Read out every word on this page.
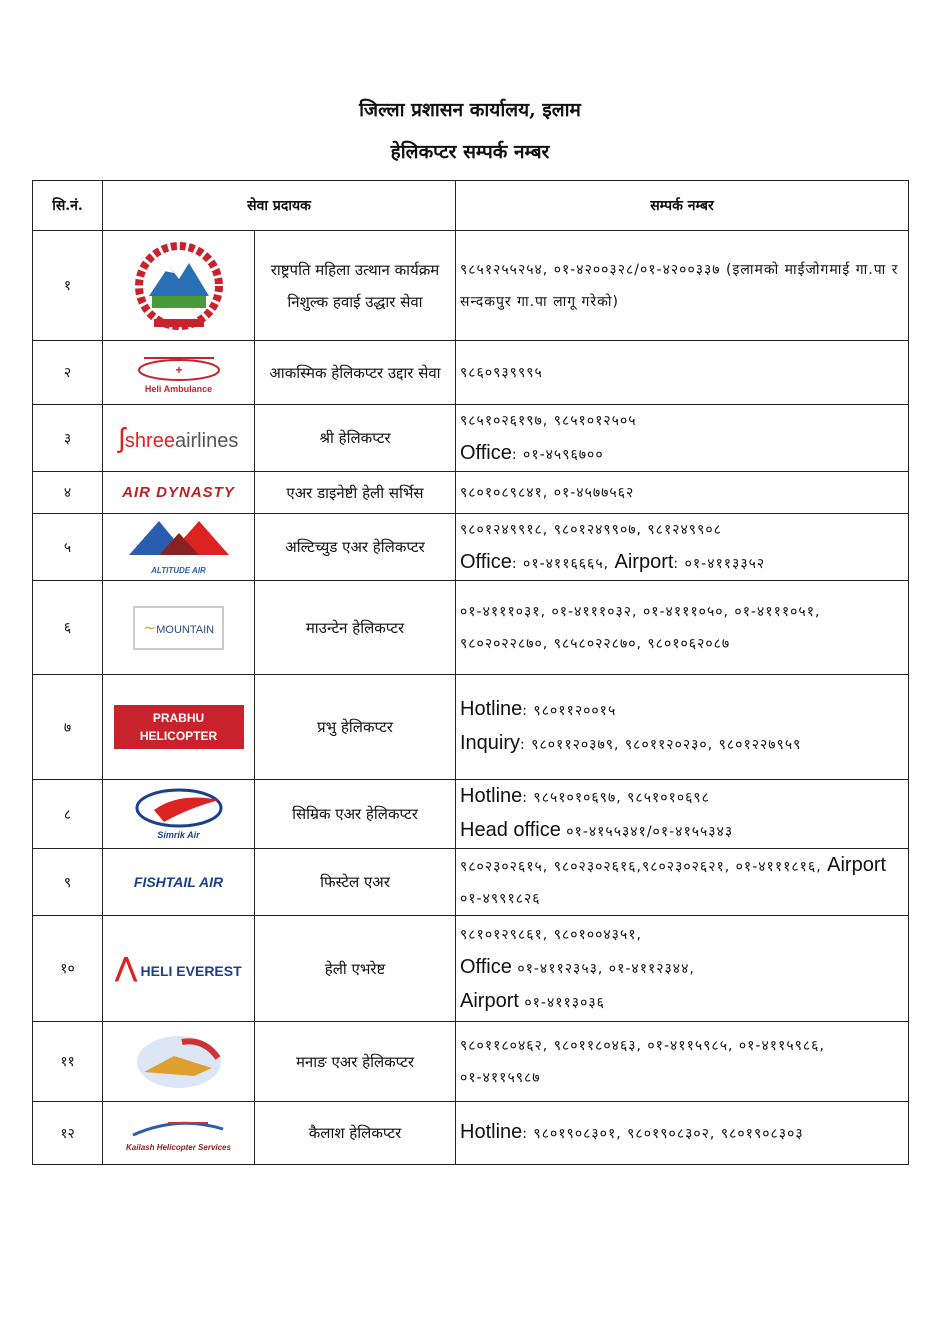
जिल्ला प्रशासन कार्यालय, इलाम
हेलिकप्टर सम्पर्क नम्बर
सि.नं.	सेवा प्रदायक		सम्पर्क नम्बर
१		राष्ट्रपति महिला उत्थान कार्यक्रम निशुल्क हवाई उद्धार सेवा	९८५१२५५२५४, ०१-४२००३२८/०१-४२००३३७ (इलामको माईजोगमाई गा.पा र सन्दकपुर गा.पा लागू गरेको)
२	+
Heli Ambulance	आकस्मिक हेलिकप्टर उद्दार सेवा	९८६०९३९९९५
३	ʃshreeairlines	श्री हेलिकप्टर	९८५१०२६१९७, ९८५१०१२५०५
Office: ०१-४५९६७००
४	AIR DYNASTY	एअर डाइनेष्टी हेली सर्भिस	९८०१०८९८४१, ०१-४५७७५६२
५	ALTITUDE AIR	अल्टिच्युड एअर हेलिकप्टर	९८०१२४९९१८, ९८०१२४९९०७, ९८१२४९९०८
Office: ०१-४११६६६५, Airport: ०१-४११३३५२
६	∼MOUNTAIN	माउन्टेन हेलिकप्टर	०१-४१११०३१, ०१-४१११०३२, ०१-४१११०५०, ०१-४१११०५१, ९८०२०२२८७०, ९८५८०२२८७०, ९८०१०६२०८७
७	PRABHU HELICOPTER	प्रभु हेलिकप्टर	Hotline: ९८०११२००१५
Inquiry: ९८०११२०३७९, ९८०११२०२३०, ९८०१२२७९५९
८	Simrik Air	सिम्रिक एअर हेलिकप्टर	Hotline: ९८५१०१०६९७, ९८५१०१०६९८
Head office ०१-४१५५३४१/०१-४१५५३४३
९	FISHTAIL AIR	फिस्टेल एअर	९८०२३०२६१५, ९८०२३०२६१६,९८०२३०२६२१, ०१-४१११८१६, Airport ०१-४९९१८२६
१०	⋀ HELI EVEREST	हेली एभरेष्ट	९८१०१२९८६१, ९८०१००४३५१,
Office ०१-४११२३५३, ०१-४११२३४४,
Airport ०१-४११३०३६
११		मनाङ एअर हेलिकप्टर	९८०११८०४६२, ९८०११८०४६३, ०१-४११५९८५, ०१-४११५९८६, ०१-४११५९८७
१२	Kailash Helicopter Services	कैलाश हेलिकप्टर	Hotline: ९८०१९०८३०१, ९८०१९०८३०२, ९८०१९०८३०३
